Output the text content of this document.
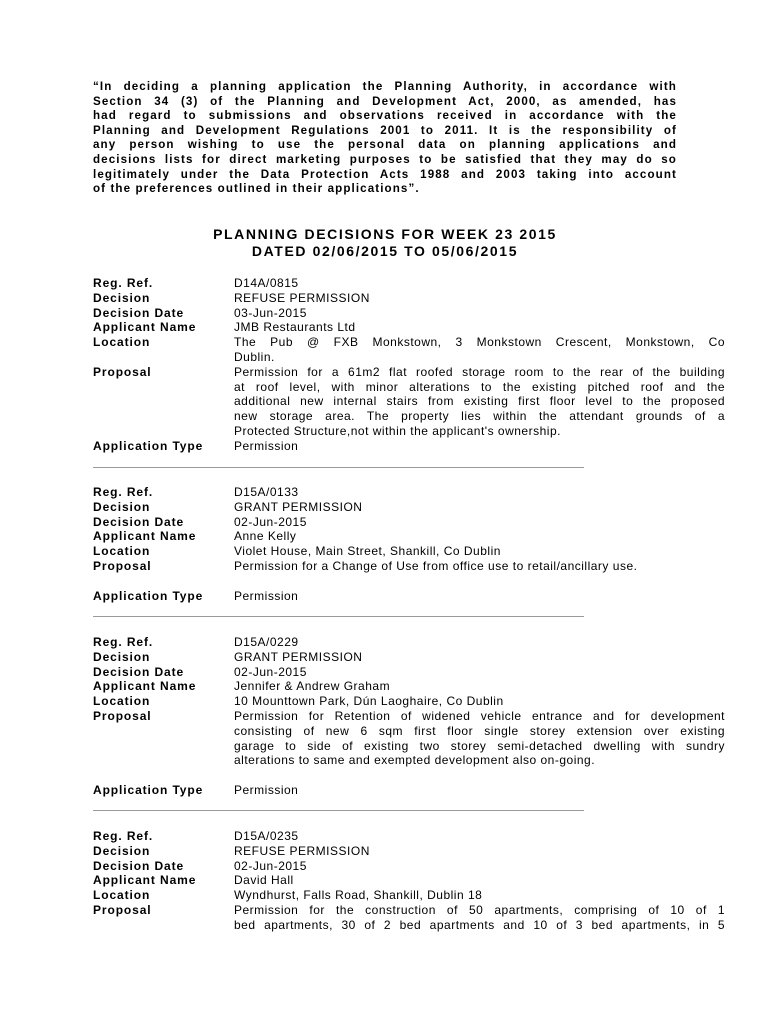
“In deciding a planning application the Planning Authority, in accordance with
Section 34 (3) of the Planning and Development Act, 2000, as amended, has
had regard to submissions and observations received in accordance with the
Planning and Development Regulations 2001 to 2011. It is the responsibility of
any person wishing to use the personal data on planning applications and
decisions lists for direct marketing purposes to be satisfied that they may do so
legitimately under the Data Protection Acts 1988 and 2003 taking into account
of the preferences outlined in their applications”.
PLANNING DECISIONS FOR WEEK 23 2015
DATED 02/06/2015 TO 05/06/2015
Reg. Ref.	D14A/0815
Decision	REFUSE PERMISSION
Decision Date	03-Jun-2015
Applicant Name	JMB Restaurants Ltd
Location	The Pub @ FXB Monkstown, 3 Monkstown Crescent, Monkstown, Co
Dublin.
Proposal	Permission for a 61m2 flat roofed storage room to the rear of the building
at roof level, with minor alterations to the existing pitched roof and the
additional new internal stairs from existing first floor level to the proposed
new storage area. The property lies within the attendant grounds of a
Protected Structure,not within the applicant's ownership.
Application Type	Permission
Reg. Ref.	D15A/0133
Decision	GRANT PERMISSION
Decision Date	02-Jun-2015
Applicant Name	Anne Kelly
Location	Violet House, Main Street, Shankill, Co Dublin
Proposal	Permission for a Change of Use from office use to retail/ancillary use.
Application Type	Permission
Reg. Ref.	D15A/0229
Decision	GRANT PERMISSION
Decision Date	02-Jun-2015
Applicant Name	Jennifer & Andrew Graham
Location	10 Mounttown Park, Dún Laoghaire, Co Dublin
Proposal	Permission for Retention of widened vehicle entrance and for development
consisting of new 6 sqm first floor single storey extension over existing
garage to side of existing two storey semi-detached dwelling with sundry
alterations to same and exempted development also on-going.
Application Type	Permission
Reg. Ref.	D15A/0235
Decision	REFUSE PERMISSION
Decision Date	02-Jun-2015
Applicant Name	David Hall
Location	Wyndhurst, Falls Road, Shankill, Dublin 18
Proposal	Permission for the construction of 50 apartments, comprising of 10 of 1
bed apartments, 30 of 2 bed apartments and 10 of 3 bed apartments, in 5
